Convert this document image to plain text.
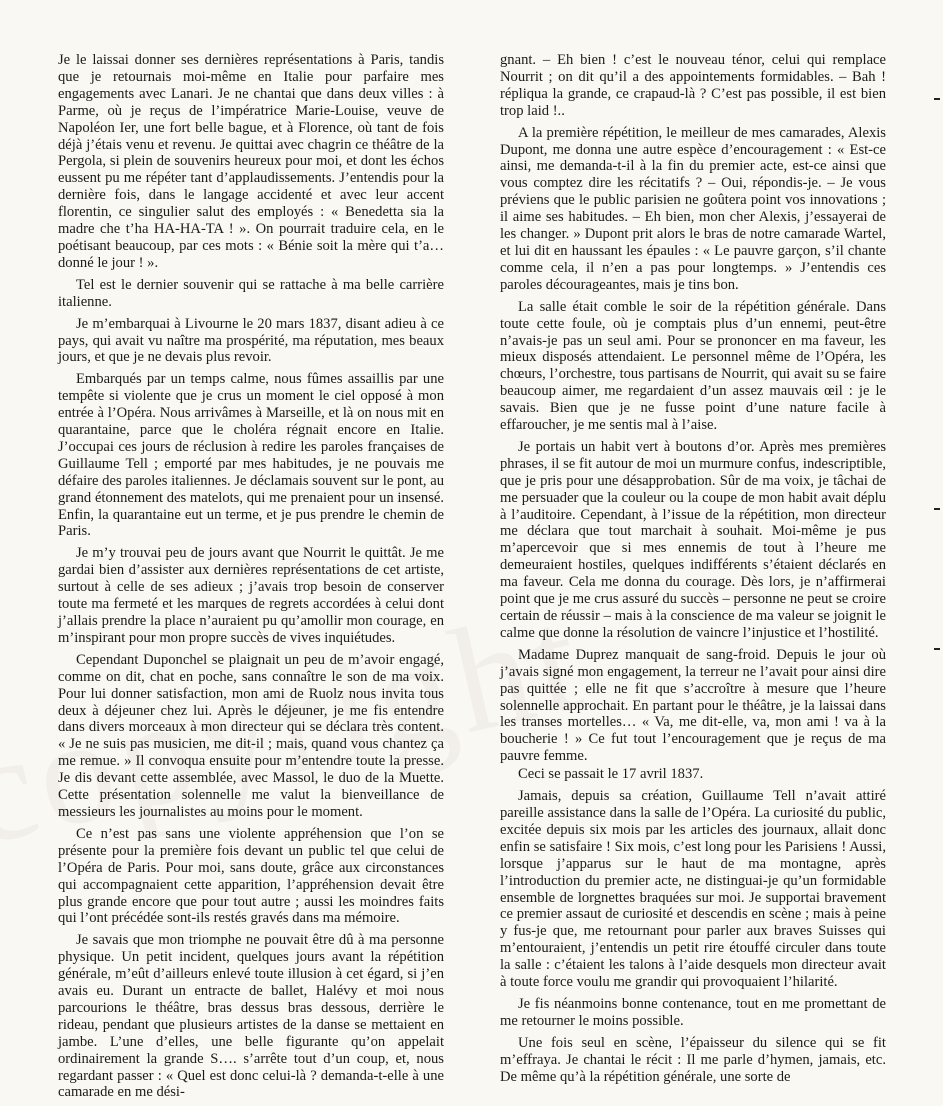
Je le laissai donner ses dernières représentations à Paris, tandis que je retournais moi-même en Italie pour parfaire mes engagements avec Lanari. Je ne chantai que dans deux villes : à Parme, où je reçus de l’impératrice Marie-Louise, veuve de Napoléon Ier, une fort belle bague, et à Florence, où tant de fois déjà j’étais venu et revenu. Je quittai avec chagrin ce théâtre de la Pergola, si plein de souvenirs heureux pour moi, et dont les échos eussent pu me répéter tant d’applaudissements. J’entendis pour la dernière fois, dans le langage accidenté et avec leur accent florentin, ce singulier salut des employés : « Benedetta sia la madre che t’ha HA-HA-TA ! ». On pourrait traduire cela, en le poétisant beaucoup, par ces mots : « Bénie soit la mère qui t’a… donné le jour ! ».

Tel est le dernier souvenir qui se rattache à ma belle carrière italienne.

Je m’embarquai à Livourne le 20 mars 1837, disant adieu à ce pays, qui avait vu naître ma prospérité, ma réputation, mes beaux jours, et que je ne devais plus revoir.

Embarqués par un temps calme, nous fûmes assaillis par une tempête si violente que je crus un moment le ciel opposé à mon entrée à l’Opéra. Nous arrivâmes à Marseille, et là on nous mit en quarantaine, parce que le choléra régnait encore en Italie. J’occupai ces jours de réclusion à redire les paroles françaises de Guillaume Tell ; emporté par mes habitudes, je ne pouvais me défaire des paroles italiennes. Je déclamais souvent sur le pont, au grand étonnement des matelots, qui me prenaient pour un insensé. Enfin, la quarantaine eut un terme, et je pus prendre le chemin de Paris.

Je m’y trouvai peu de jours avant que Nourrit le quittât. Je me gardai bien d’assister aux dernières représentations de cet artiste, surtout à celle de ses adieux ; j’avais trop besoin de conserver toute ma fermeté et les marques de regrets accordées à celui dont j’allais prendre la place n’auraient pu qu’amollir mon courage, en m’inspirant pour mon propre succès de vives inquiétudes.

Cependant Duponchel se plaignait un peu de m’avoir engagé, comme on dit, chat en poche, sans connaître le son de ma voix. Pour lui donner satisfaction, mon ami de Ruolz nous invita tous deux à déjeuner chez lui. Après le déjeuner, je me fis entendre dans divers morceaux à mon directeur qui se déclara très content. « Je ne suis pas musicien, me dit-il ; mais, quand vous chantez ça me remue. » Il convoqua ensuite pour m’entendre toute la presse. Je dis devant cette assemblée, avec Massol, le duo de la Muette. Cette présentation solennelle me valut la bienveillance de messieurs les journalistes au moins pour le moment.

Ce n’est pas sans une violente appréhension que l’on se présente pour la première fois devant un public tel que celui de l’Opéra de Paris. Pour moi, sans doute, grâce aux circonstances qui accompagnaient cette apparition, l’appréhension devait être plus grande encore que pour tout autre ; aussi les moindres faits qui l’ont précédée sont-ils restés gravés dans ma mémoire.

Je savais que mon triomphe ne pouvait être dû à ma personne physique. Un petit incident, quelques jours avant la répétition générale, m’eût d’ailleurs enlevé toute illusion à cet égard, si j’en avais eu. Durant un entracte de ballet, Halévy et moi nous parcourions le théâtre, bras dessus bras dessous, derrière le rideau, pendant que plusieurs artistes de la danse se mettaient en jambe. L’une d’elles, une belle figurante qu’on appelait ordinairement la grande S…. s’arrête tout d’un coup, et, nous regardant passer : « Quel est donc celui-là ? demanda-t-elle à une camarade en me dési-

gnant. – Eh bien ! c’est le nouveau ténor, celui qui remplace Nourrit ; on dit qu’il a des appointements formidables. – Bah ! répliqua la grande, ce crapaud-là ? C’est pas possible, il est bien trop laid !..

A la première répétition, le meilleur de mes camarades, Alexis Dupont, me donna une autre espèce d’encouragement : « Est-ce ainsi, me demanda-t-il à la fin du premier acte, est-ce ainsi que vous comptez dire les récitatifs ? – Oui, répondis-je. – Je vous préviens que le public parisien ne goûtera point vos innovations ; il aime ses habitudes. – Eh bien, mon cher Alexis, j’essayerai de les changer. » Dupont prit alors le bras de notre camarade Wartel, et lui dit en haussant les épaules : « Le pauvre garçon, s’il chante comme cela, il n’en a pas pour longtemps. » J’entendis ces paroles décourageantes, mais je tins bon.

La salle était comble le soir de la répétition générale. Dans toute cette foule, où je comptais plus d’un ennemi, peut-être n’avais-je pas un seul ami. Pour se prononcer en ma faveur, les mieux disposés attendaient. Le personnel même de l’Opéra, les chœurs, l’orchestre, tous partisans de Nourrit, qui avait su se faire beaucoup aimer, me regardaient d’un assez mauvais œil : je le savais. Bien que je ne fusse point d’une nature facile à effaroucher, je me sentis mal à l’aise.

Je portais un habit vert à boutons d’or. Après mes premières phrases, il se fit autour de moi un murmure confus, indescriptible, que je pris pour une désapprobation. Sûr de ma voix, je tâchai de me persuader que la couleur ou la coupe de mon habit avait déplu à l’auditoire. Cependant, à l’issue de la répétition, mon directeur me déclara que tout marchait à souhait. Moi-même je pus m’apercevoir que si mes ennemis de tout à l’heure me demeuraient hostiles, quelques indifférents s’étaient déclarés en ma faveur. Cela me donna du courage. Dès lors, je n’affirmerai point que je me crus assuré du succès – personne ne peut se croire certain de réussir – mais à la conscience de ma valeur se joignit le calme que donne la résolution de vaincre l’injustice et l’hostilité.

Madame Duprez manquait de sang-froid. Depuis le jour où j’avais signé mon engagement, la terreur ne l’avait pour ainsi dire pas quittée ; elle ne fit que s’accroître à mesure que l’heure solennelle approchait. En partant pour le théâtre, je la laissai dans les transes mortelles… « Va, me dit-elle, va, mon ami ! va à la boucherie ! » Ce fut tout l’encouragement que je reçus de ma pauvre femme.

Ceci se passait le 17 avril 1837.

Jamais, depuis sa création, Guillaume Tell n’avait attiré pareille assistance dans la salle de l’Opéra. La curiosité du public, excitée depuis six mois par les articles des journaux, allait donc enfin se satisfaire ! Six mois, c’est long pour les Parisiens ! Aussi, lorsque j’apparus sur le haut de ma montagne, après l’introduction du premier acte, ne distinguai-je qu’un formidable ensemble de lorgnettes braquées sur moi. Je supportai bravement ce premier assaut de curiosité et descendis en scène ; mais à peine y fus-je que, me retournant pour parler aux braves Suisses qui m’entouraient, j’entendis un petit rire étouffé circuler dans toute la salle : c’étaient les talons à l’aide desquels mon directeur avait à toute force voulu me grandir qui provoquaient l’hilarité.

Je fis néanmoins bonne contenance, tout en me promettant de me retourner le moins possible.

Une fois seul en scène, l’épaisseur du silence qui se fit m’effraya. Je chantai le récit : Il me parle d’hymen, jamais, etc. De même qu’à la répétition générale, une sorte de
